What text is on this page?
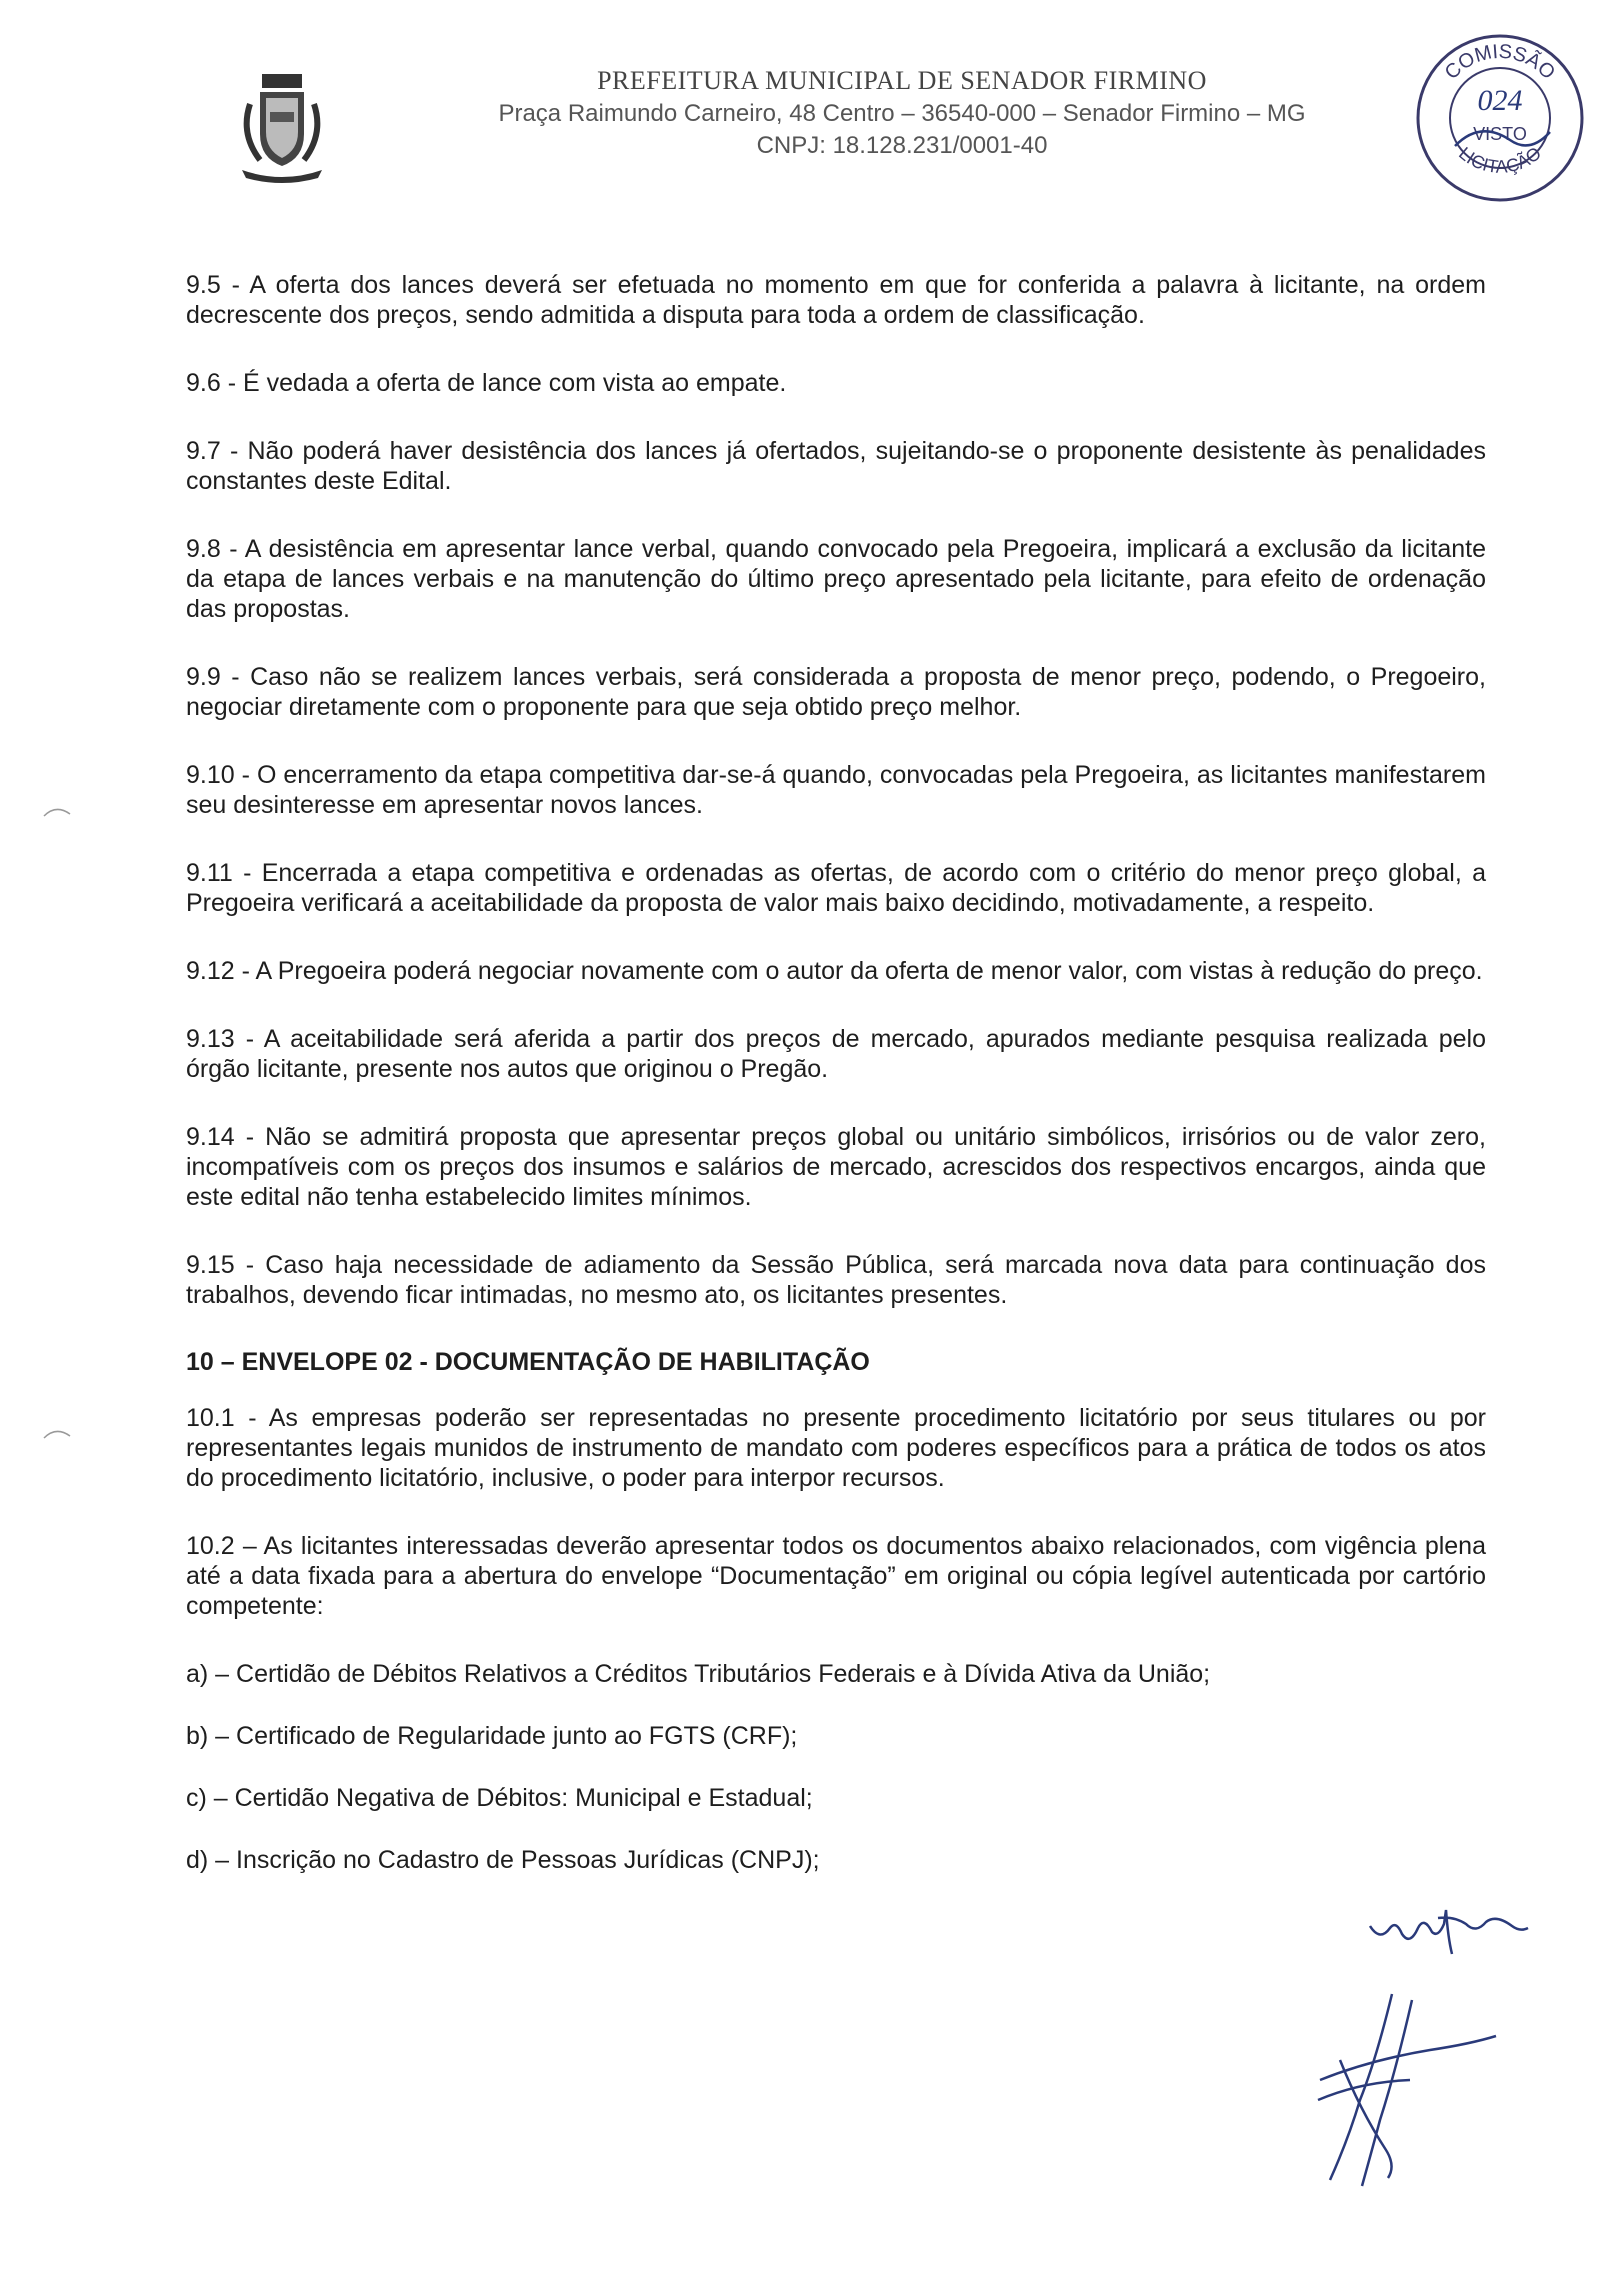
PREFEITURA MUNICIPAL DE SENADOR FIRMINO
Praça Raimundo Carneiro, 48 Centro – 36540-000 – Senador Firmino – MG
CNPJ: 18.128.231/0001-40
COMISSÃO
LICITAÇÃO
024
VISTO

9.5 - A oferta dos lances deverá ser efetuada no momento em que for conferida a palavra à licitante, na ordem decrescente dos preços, sendo admitida a disputa para toda a ordem de classificação.

9.6 - É vedada a oferta de lance com vista ao empate.

9.7 - Não poderá haver desistência dos lances já ofertados, sujeitando-se o proponente desistente às penalidades constantes deste Edital.

9.8 - A desistência em apresentar lance verbal, quando convocado pela Pregoeira, implicará a exclusão da licitante da etapa de lances verbais e na manutenção do último preço apresentado pela licitante, para efeito de ordenação das propostas.

9.9 - Caso não se realizem lances verbais, será considerada a proposta de menor preço, podendo, o Pregoeiro, negociar diretamente com o proponente para que seja obtido preço melhor.

9.10 - O encerramento da etapa competitiva dar-se-á quando, convocadas pela Pregoeira, as licitantes manifestarem seu desinteresse em apresentar novos lances.

9.11 - Encerrada a etapa competitiva e ordenadas as ofertas, de acordo com o critério do menor preço global, a Pregoeira verificará a aceitabilidade da proposta de valor mais baixo decidindo, motivadamente, a respeito.

9.12 - A Pregoeira poderá negociar novamente com o autor da oferta de menor valor, com vistas à redução do preço.

9.13 - A aceitabilidade será aferida a partir dos preços de mercado, apurados mediante pesquisa realizada pelo órgão licitante, presente nos autos que originou o Pregão.

9.14 - Não se admitirá proposta que apresentar preços global ou unitário simbólicos, irrisórios ou de valor zero, incompatíveis com os preços dos insumos e salários de mercado, acrescidos dos respectivos encargos, ainda que este edital não tenha estabelecido limites mínimos.

9.15 - Caso haja necessidade de adiamento da Sessão Pública, será marcada nova data para continuação dos trabalhos, devendo ficar intimadas, no mesmo ato, os licitantes presentes.

10 – ENVELOPE 02 - DOCUMENTAÇÃO DE HABILITAÇÃO

10.1 - As empresas poderão ser representadas no presente procedimento licitatório por seus titulares ou por representantes legais munidos de instrumento de mandato com poderes específicos para a prática de todos os atos do procedimento licitatório, inclusive, o poder para interpor recursos.

10.2 – As licitantes interessadas deverão apresentar todos os documentos abaixo relacionados, com vigência plena até a data fixada para a abertura do envelope “Documentação” em original ou cópia legível autenticada por cartório competente:

a) – Certidão de Débitos Relativos a Créditos Tributários Federais e à Dívida Ativa da União;
b) – Certificado de Regularidade junto ao FGTS (CRF);
c) – Certidão Negativa de Débitos: Municipal e Estadual;
d) – Inscrição no Cadastro de Pessoas Jurídicas (CNPJ);
